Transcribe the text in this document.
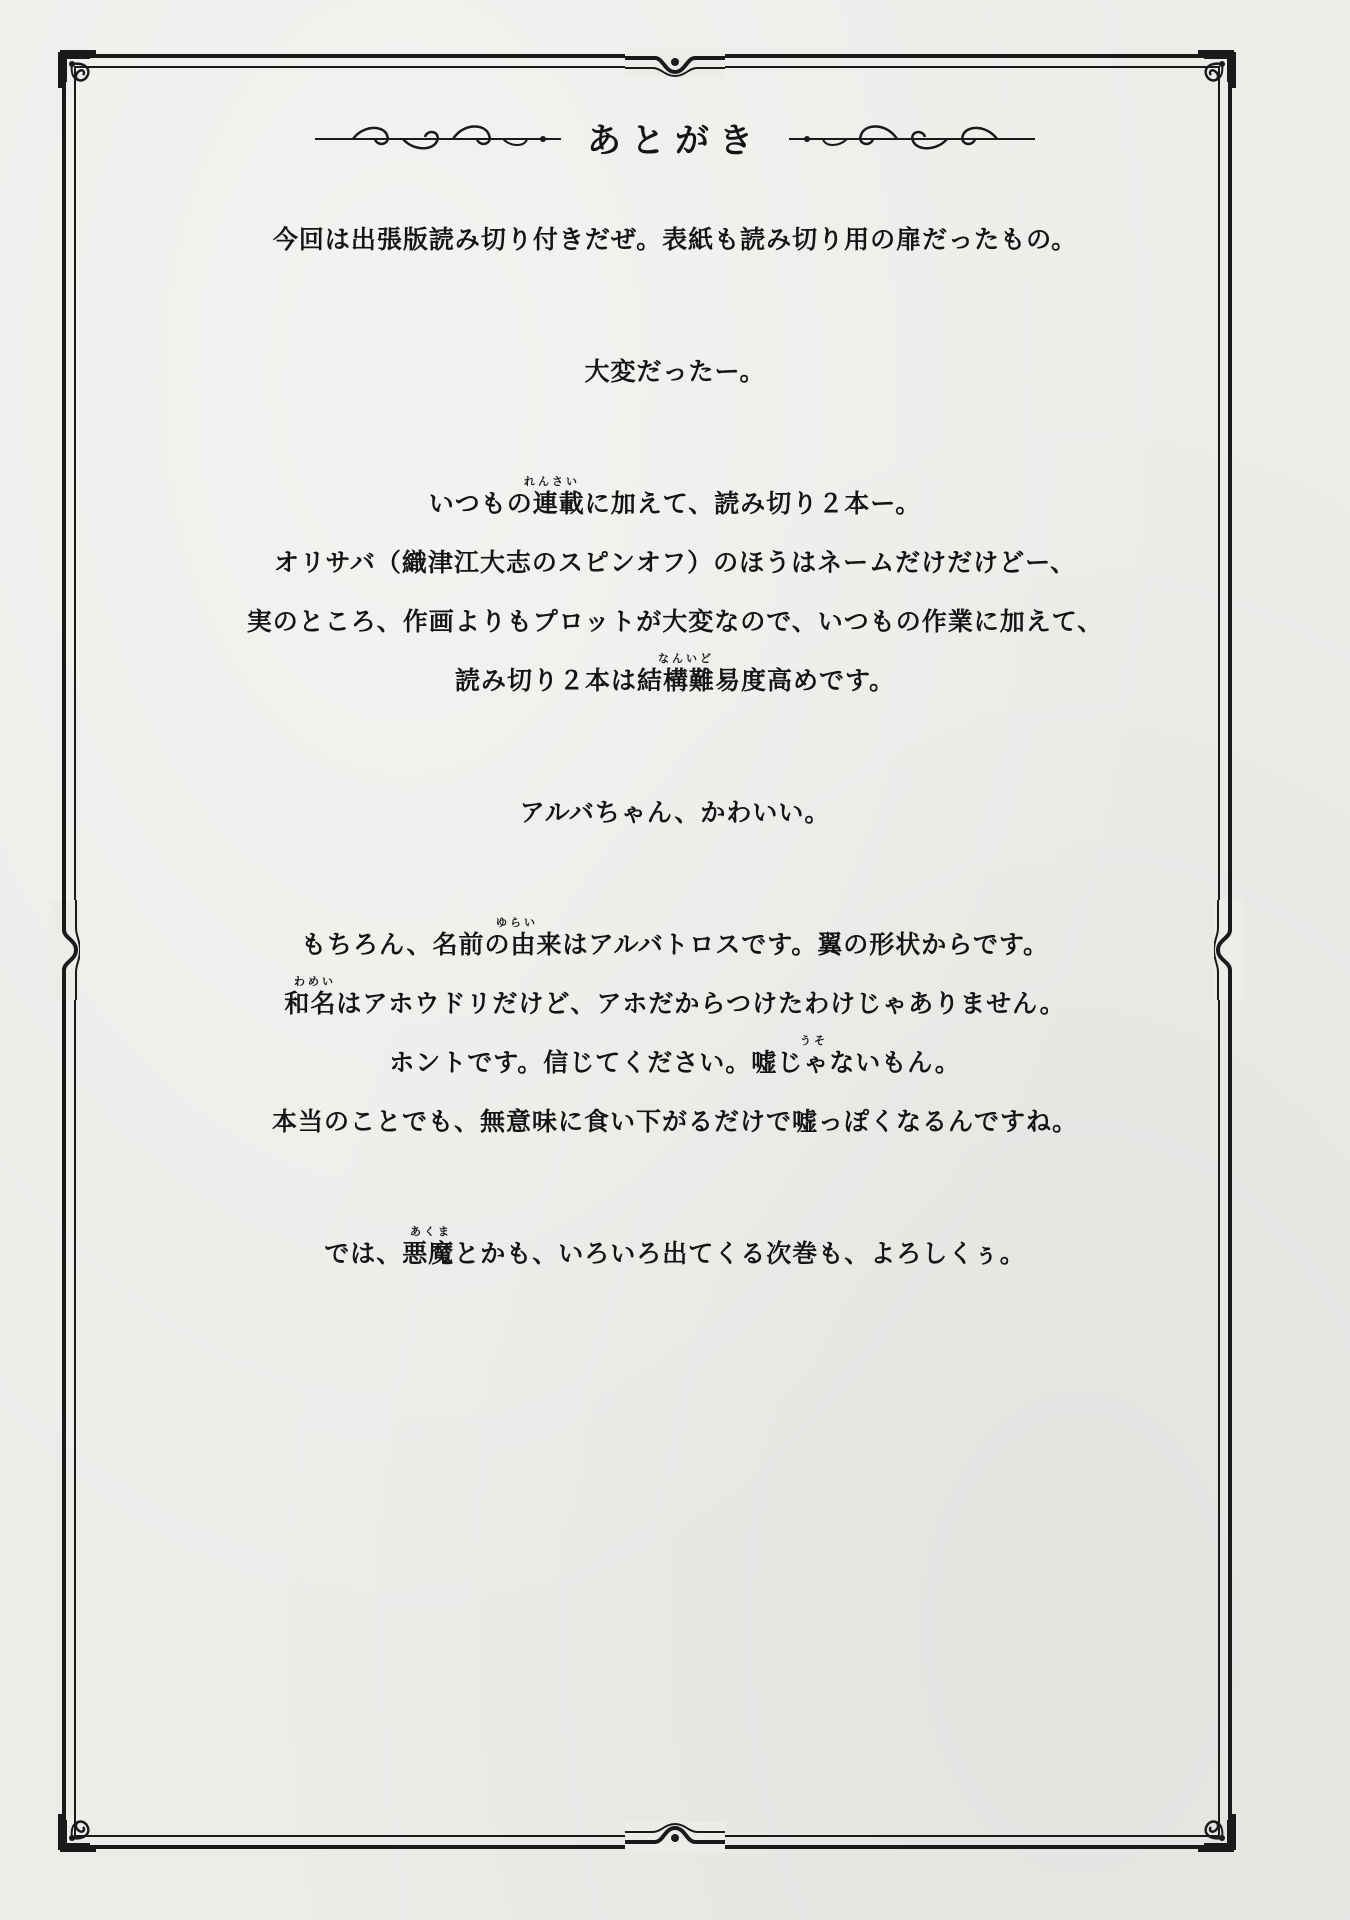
あとがき
今回は出張版読み切り付きだぜ。表紙も読み切り用の扉だったもの。
大変だったー。
れんさい
いつもの連載に加えて、読み切り２本ー。
オリサバ（織津江大志のスピンオフ）のほうはネームだけだけどー、
実のところ、作画よりもプロットが大変なので、いつもの作業に加えて、
なんいど
読み切り２本は結構難易度高めです。
アルバちゃん、かわいい。
ゆらい
もちろん、名前の由来はアルバトロスです。翼の形状からです。
わめい
和名はアホウドリだけど、アホだからつけたわけじゃありません。
うそ
ホントです。信じてください。嘘じゃないもん。
本当のことでも、無意味に食い下がるだけで嘘っぽくなるんですね。
あくま
では、悪魔とかも、いろいろ出てくる次巻も、よろしくぅ。
